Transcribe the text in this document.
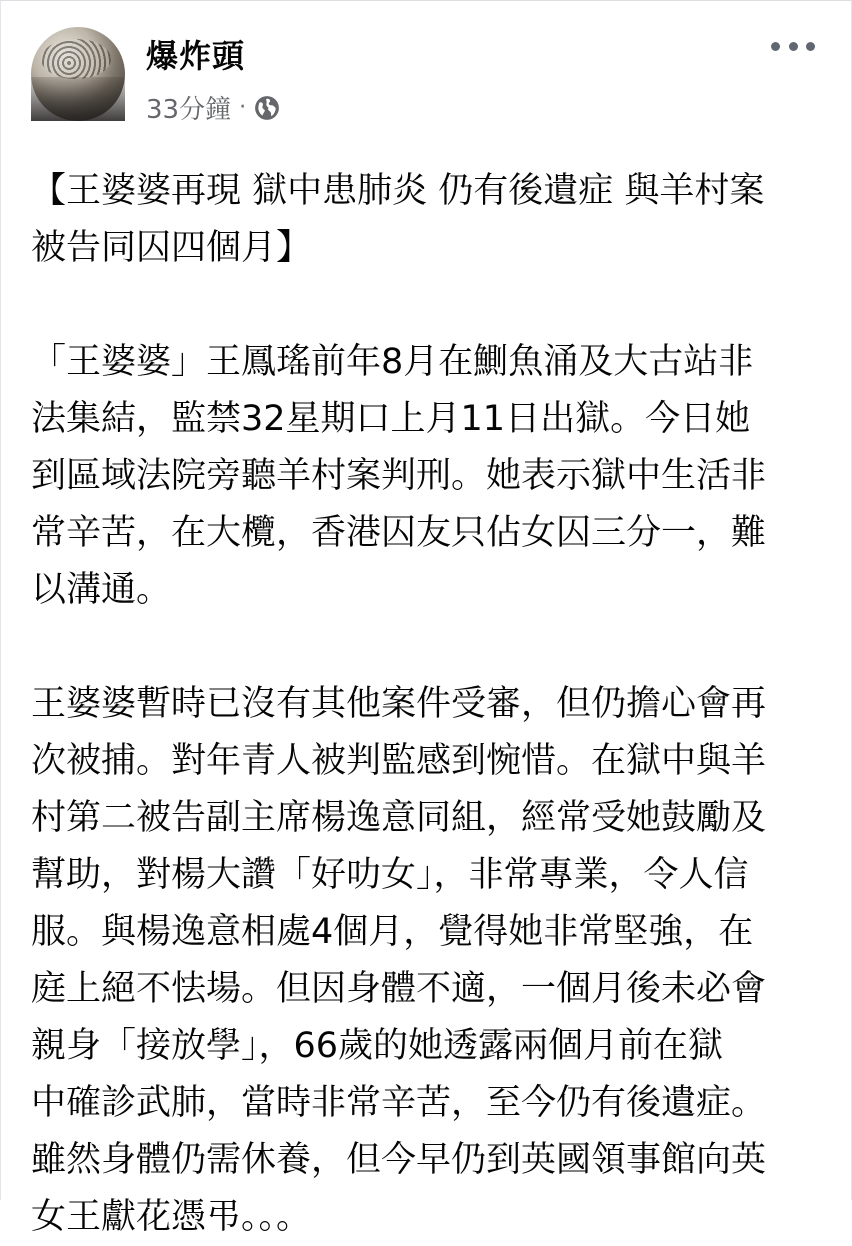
爆炸頭
33分鐘 ·
【王婆婆再現 獄中患肺炎 仍有後遺症 與羊村案
被告同囚四個月】
「王婆婆」王鳳瑤前年8月在鰂魚涌及大古站非
法集結，監禁32星期口上月11日出獄。今日她
到區域法院旁聽羊村案判刑。她表示獄中生活非
常辛苦，在大欖，香港囚友只佔女囚三分一，難
以溝通。
王婆婆暫時已沒有其他案件受審，但仍擔心會再
次被捕。對年青人被判監感到惋惜。在獄中與羊
村第二被告副主席楊逸意同組，經常受她鼓勵及
幫助，對楊大讚「好叻女」，非常專業，令人信
服。與楊逸意相處4個月，覺得她非常堅強，在
庭上絕不怯場。但因身體不適，一個月後未必會
親身「接放學」，66歲的她透露兩個月前在獄
中確診武肺，當時非常辛苦，至今仍有後遺症。
雖然身體仍需休養，但今早仍到英國領事館向英
女王獻花憑弔。。。
